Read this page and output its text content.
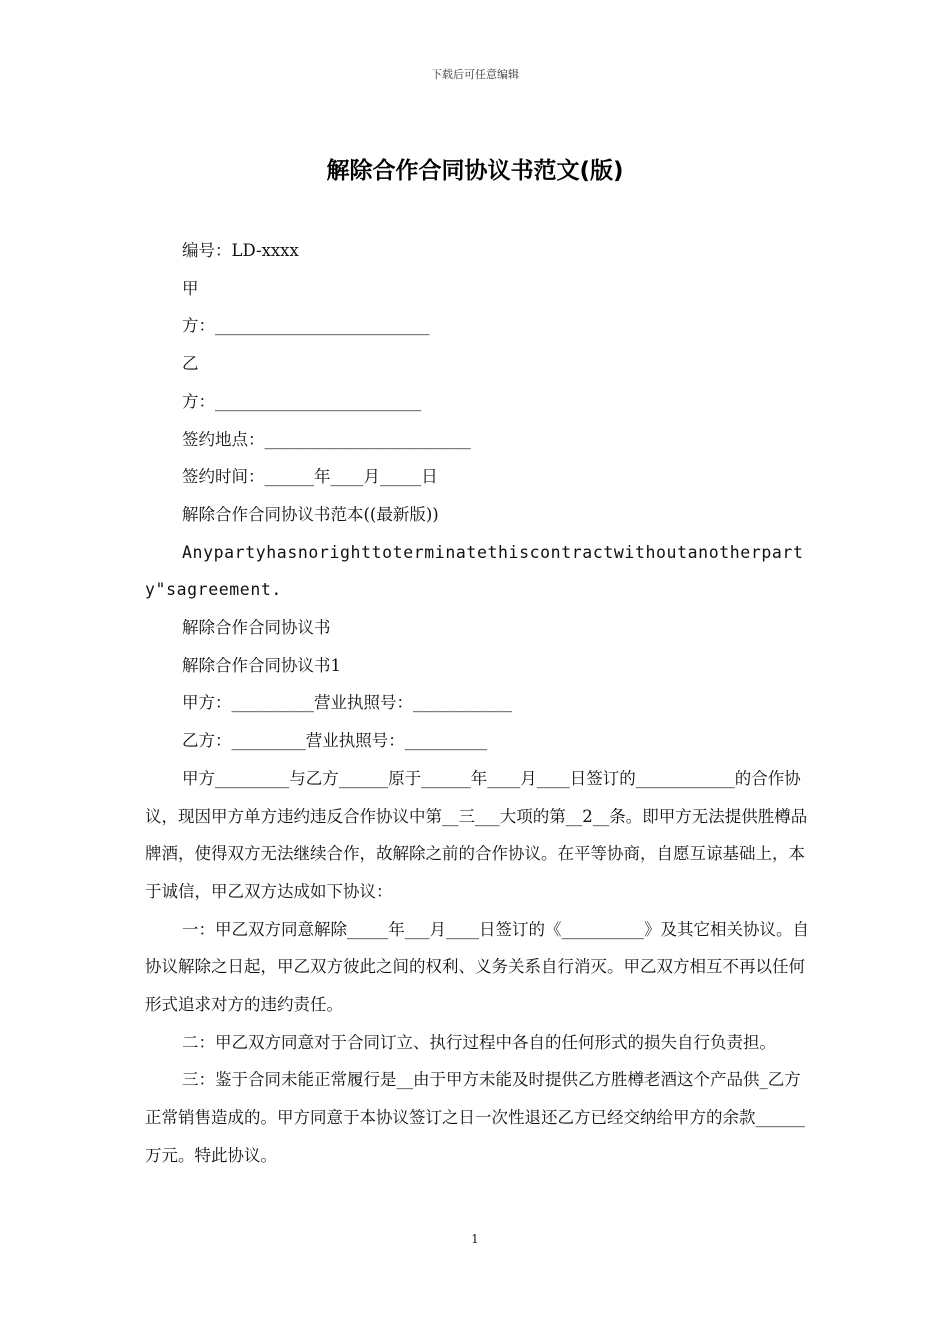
下载后可任意编辑
解除合作合同协议书范文(版)

编号：LD-xxxx

甲

方：__________________________

乙

方：_________________________

签约地点：_________________________

签约时间：______年____月_____日

解除合作合同协议书范本((最新版))

Anypartyhasnorighttoterminatethiscontractwithoutanotherparty"sagreement.

解除合作合同协议书

解除合作合同协议书1

甲方：__________营业执照号：____________

乙方：_________营业执照号：__________

甲方_________与乙方______原于______年____月____日签订的____________的合作协议，现因甲方单方违约违反合作协议中第__三___大项的第__2__条。即甲方无法提供胜樽品牌酒，使得双方无法继续合作，故解除之前的合作协议。在平等协商，自愿互谅基础上，本于诚信，甲乙双方达成如下协议：

一：甲乙双方同意解除_____年___月____日签订的《__________》及其它相关协议。自协议解除之日起，甲乙双方彼此之间的权利、义务关系自行消灭。甲乙双方相互不再以任何形式追求对方的违约责任。

二：甲乙双方同意对于合同订立、执行过程中各自的任何形式的损失自行负责担。

三：鉴于合同未能正常履行是__由于甲方未能及时提供乙方胜樽老酒这个产品供_乙方正常销售造成的。甲方同意于本协议签订之日一次性退还乙方已经交纳给甲方的余款______万元。特此协议。

1
